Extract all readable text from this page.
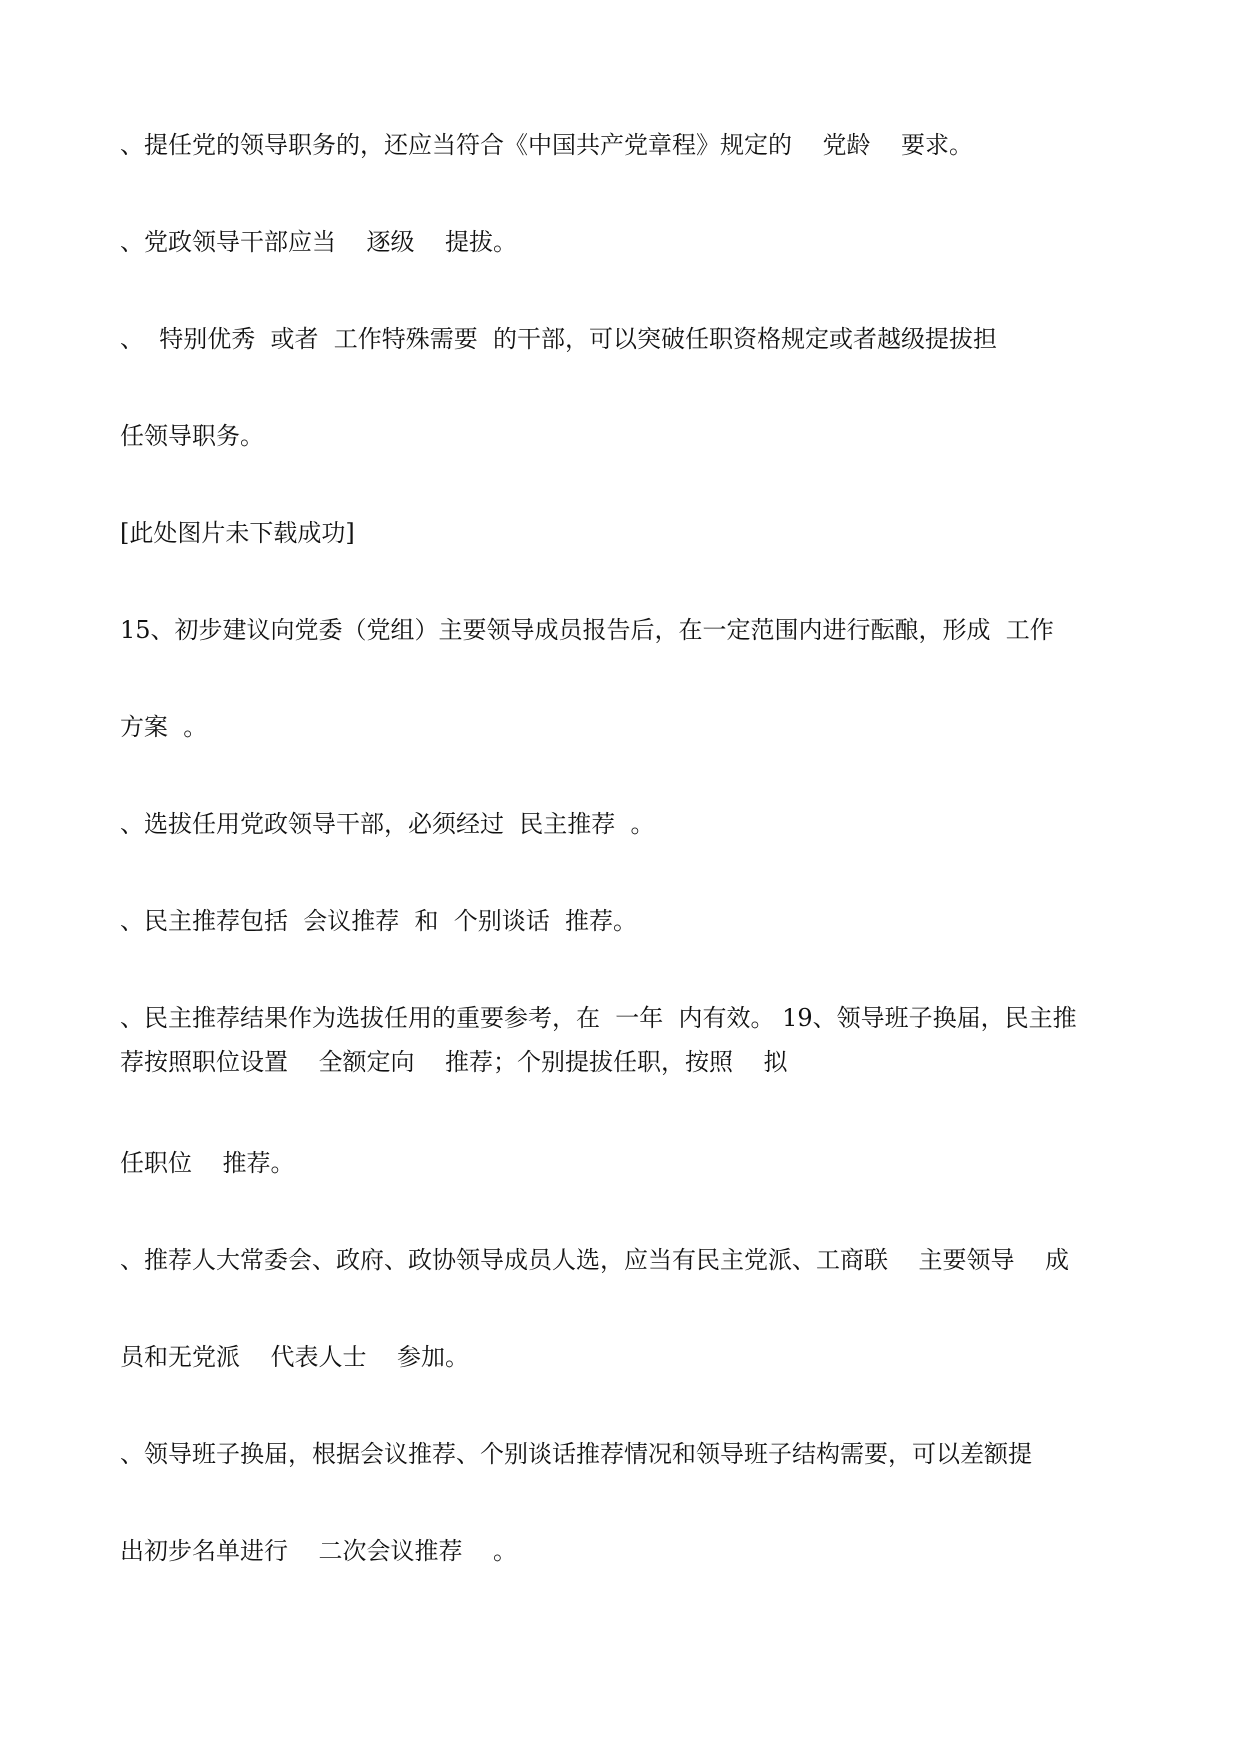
、提任党的领导职务的，还应当符合《中国共产党章程》规定的    党龄    要求。

、党政领导干部应当    逐级    提拔。

、  特别优秀  或者  工作特殊需要  的干部，可以突破任职资格规定或者越级提拔担

任领导职务。

[此处图片未下载成功]

15、初步建议向党委（党组）主要领导成员报告后，在一定范围内进行酝酿，形成  工作

方案  。

、选拔任用党政领导干部，必须经过  民主推荐  。

、民主推荐包括  会议推荐  和  个别谈话  推荐。

、民主推荐结果作为选拔任用的重要参考，在  一年  内有效。 19、领导班子换届，民主推

荐按照职位设置    全额定向    推荐；个别提拔任职，按照    拟

任职位    推荐。

、推荐人大常委会、政府、政协领导成员人选，应当有民主党派、工商联    主要领导    成

员和无党派    代表人士    参加。

、领导班子换届，根据会议推荐、个别谈话推荐情况和领导班子结构需要，可以差额提

出初步名单进行    二次会议推荐    。
